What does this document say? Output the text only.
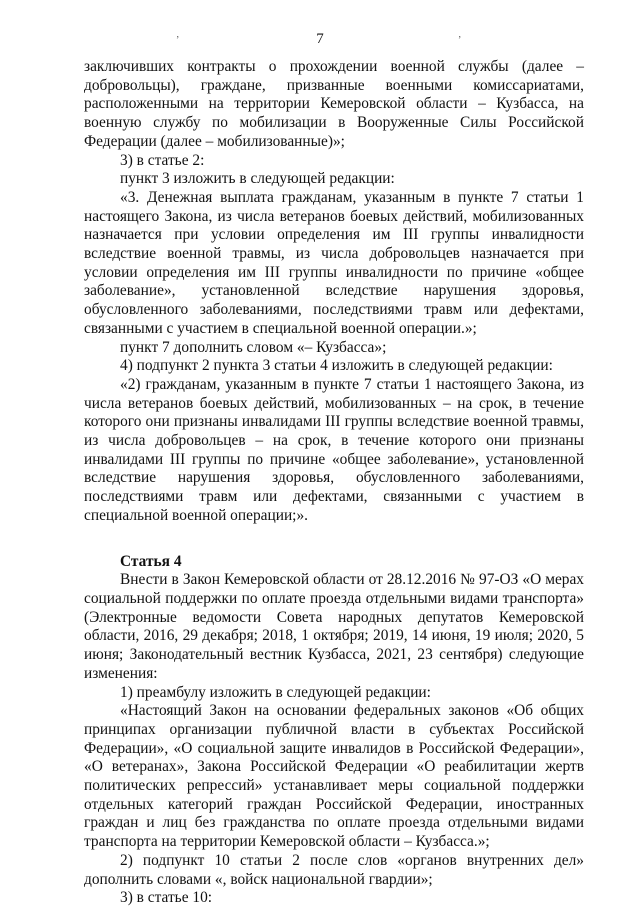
ʼ	ʼ
7

заключивших контракты о прохождении военной службы (далее – добровольцы), граждане, призванные военными комиссариатами, расположенными на территории Кемеровской области – Кузбасса, на военную службу по мобилизации в Вооруженные Силы Российской Федерации (далее – мобилизованные)»;

3) в статье 2:

пункт 3 изложить в следующей редакции:

«3. Денежная выплата гражданам, указанным в пункте 7 статьи 1 настоящего Закона, из числа ветеранов боевых действий, мобилизованных назначается при условии определения им III группы инвалидности вследствие военной травмы, из числа добровольцев назначается при условии определения им III группы инвалидности по причине «общее заболевание», установленной вследствие нарушения здоровья, обусловленного заболеваниями, последствиями травм или дефектами, связанными с участием в специальной военной операции.»;

пункт 7 дополнить словом «– Кузбасса»;

4) подпункт 2 пункта 3 статьи 4 изложить в следующей редакции:

«2) гражданам, указанным в пункте 7 статьи 1 настоящего Закона, из числа ветеранов боевых действий, мобилизованных – на срок, в течение которого они признаны инвалидами III группы вследствие военной травмы, из числа добровольцев – на срок, в течение которого они признаны инвалидами III группы по причине «общее заболевание», установленной вследствие нарушения здоровья, обусловленного заболеваниями, последствиями травм или дефектами, связанными с участием в специальной военной операции;».

Статья 4

Внести в Закон Кемеровской области от 28.12.2016 № 97-ОЗ «О мерах социальной поддержки по оплате проезда отдельными видами транспорта» (Электронные ведомости Совета народных депутатов Кемеровской области, 2016, 29 декабря; 2018, 1 октября; 2019, 14 июня, 19 июля; 2020, 5 июня; Законодательный вестник Кузбасса, 2021, 23 сентября) следующие изменения:

1) преамбулу изложить в следующей редакции:

«Настоящий Закон на основании федеральных законов «Об общих принципах организации публичной власти в субъектах Российской Федерации», «О социальной защите инвалидов в Российской Федерации», «О ветеранах», Закона Российской Федерации «О реабилитации жертв политических репрессий» устанавливает меры социальной поддержки отдельных категорий граждан Российской Федерации, иностранных граждан и лиц без гражданства по оплате проезда отдельными видами транспорта на территории Кемеровской области – Кузбасса.»;

2) подпункт 10 статьи 2 после слов «органов внутренних дел» дополнить словами «, войск национальной гвардии»;

3) в статье 10:
